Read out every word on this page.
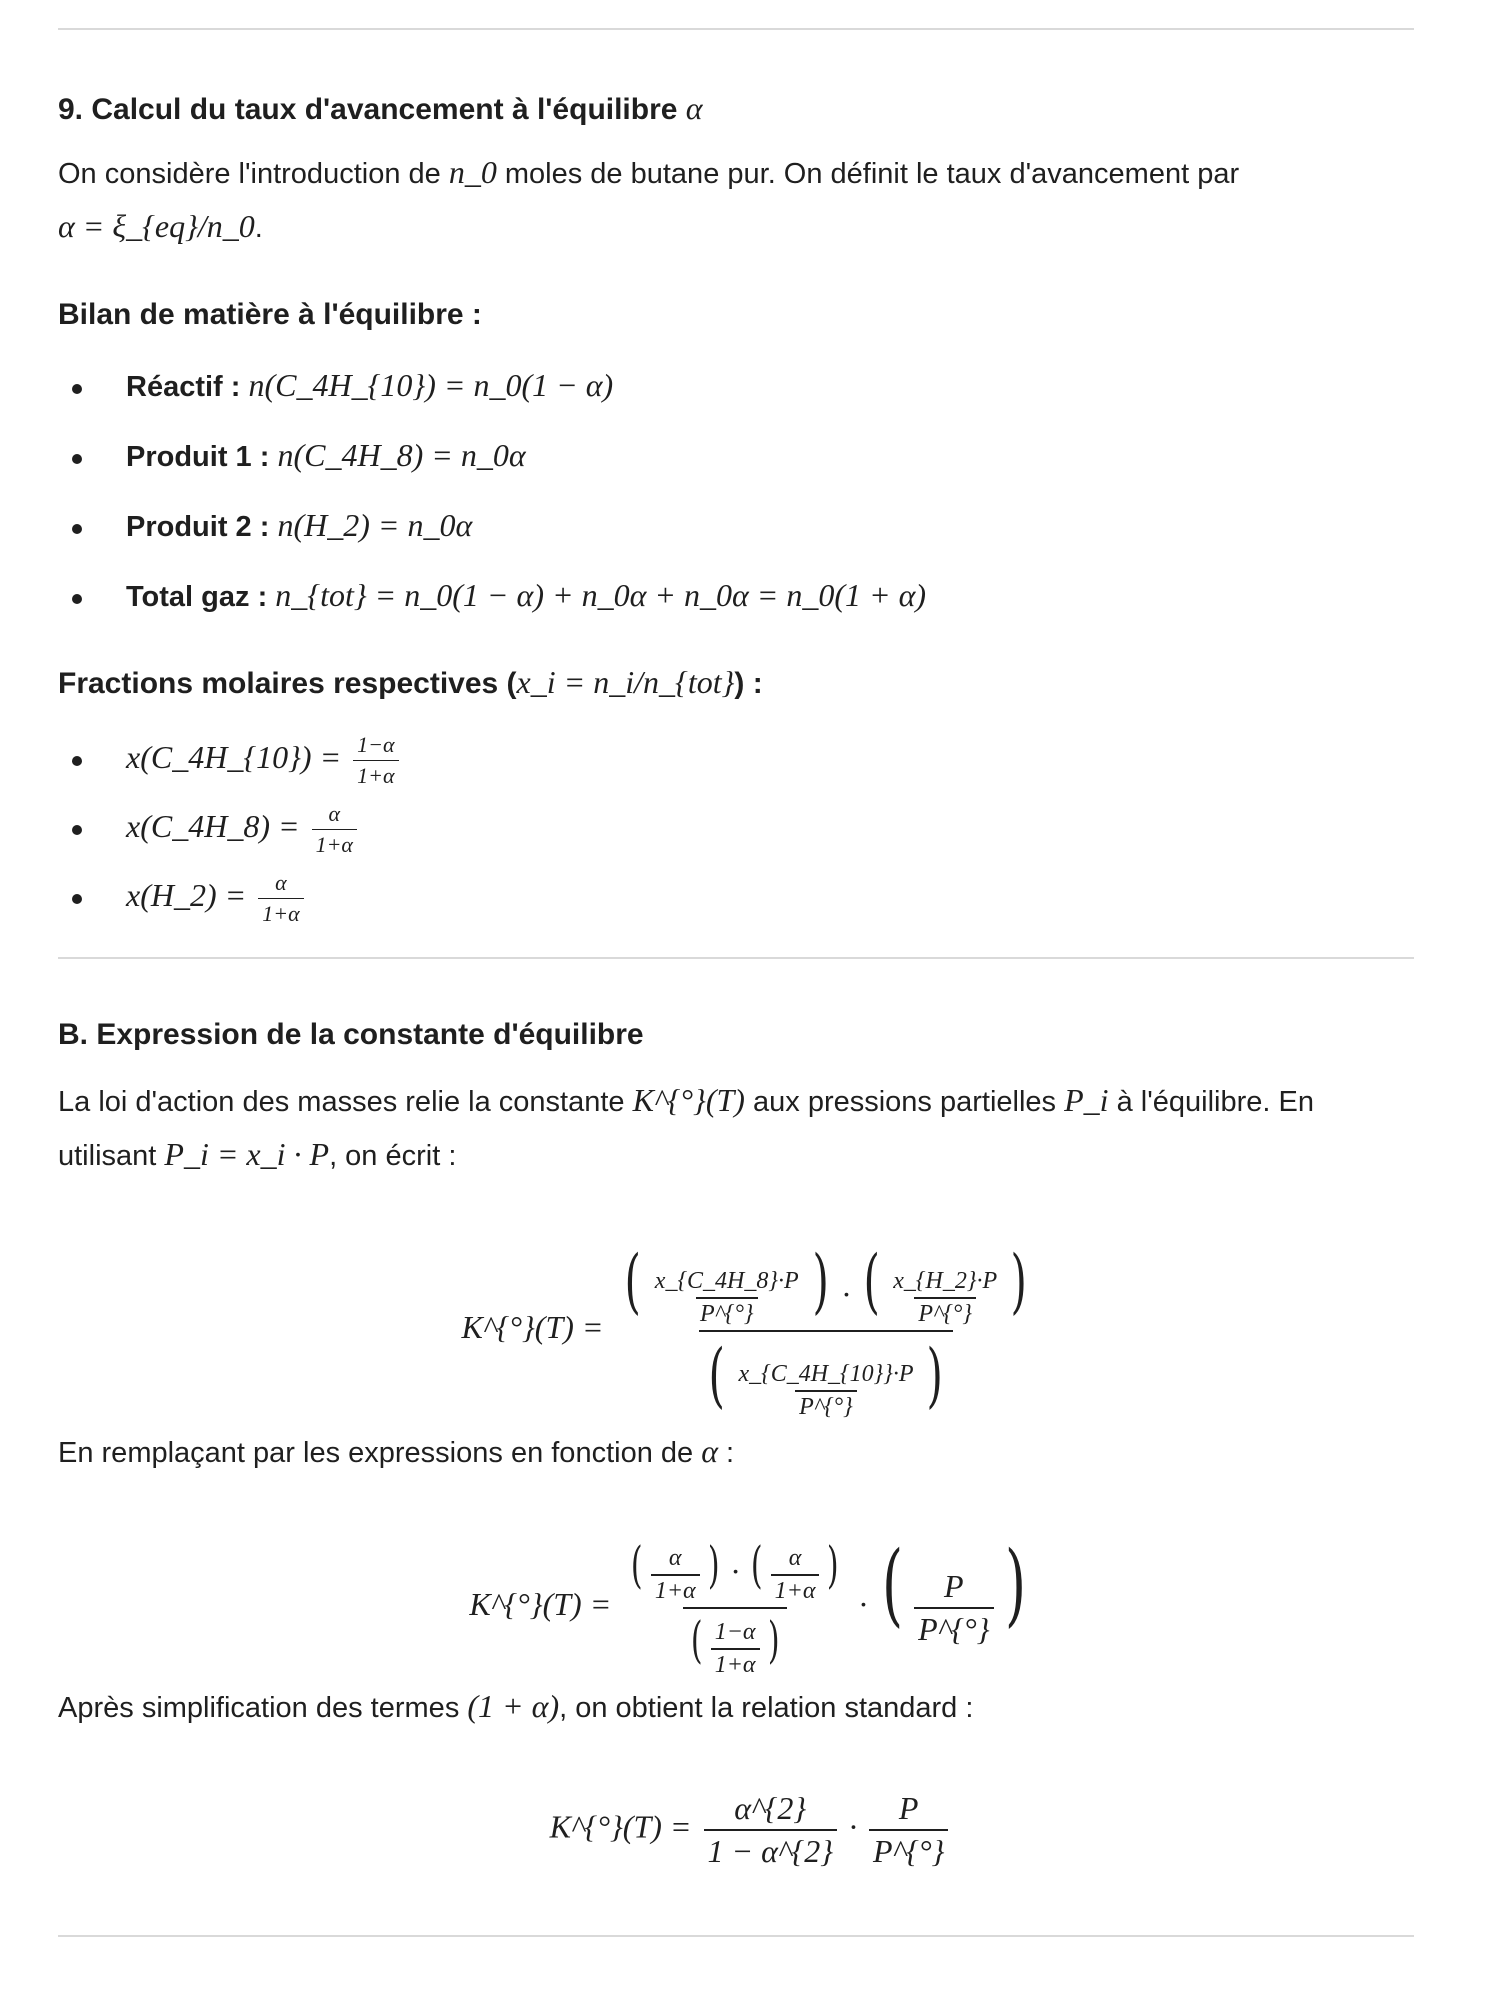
9. Calcul du taux d'avancement à l'équilibre α
On considère l'introduction de n_0 moles de butane pur. On définit le taux d'avancement par
α = ξ_{eq}/n_0.
Bilan de matière à l'équilibre :
Réactif : n(C_4H_{10}) = n_0(1 − α)
Produit 1 : n(C_4H_8) = n_0α
Produit 2 : n(H_2) = n_0α
Total gaz : n_{tot} = n_0(1 − α) + n_0α + n_0α = n_0(1 + α)
Fractions molaires respectives (x_i = n_i/n_{tot}) :
x(C_4H_{10}) = $\frac{1-\alpha}{1+\alpha}$
x(C_4H_8) = $\frac{\alpha}{1+\alpha}$
x(H_2) = $\frac{\alpha}{1+\alpha}$
B. Expression de la constante d'équilibre
La loi d'action des masses relie la constante K^{°}(T) aux pressions partielles P_i à l'équilibre. En
utilisant P_i = x_i · P, on écrit :
K^{°}(T) = $\frac{( \frac{x\_\{C\_4H\_8\}\cdot P}{P\^{}\{^\circ\}} ) \cdot ( \frac{x\_\{H\_2\}\cdot P}{P\^{}\{^\circ\}} )}{( \frac{x\_\{C\_4H\_\{10\}\}\cdot P}{P\^{}\{^\circ\}} )}$
En remplaçant par les expressions en fonction de α :
K^{°}(T) = $\frac{( \frac{\alpha}{1+\alpha} ) \cdot ( \frac{\alpha}{1+\alpha} )}{( \frac{1-\alpha}{1+\alpha} )}$ · ( $\frac{P}{P\^{}\{^\circ\}}$ )
Après simplification des termes (1 + α), on obtient la relation standard :
K^{°}(T) = $\frac{\alpha\^{}\{2\}}{1 - \alpha\^{}\{2\}} \cdot \frac{P}{P\^{}\{^\circ\}}$
